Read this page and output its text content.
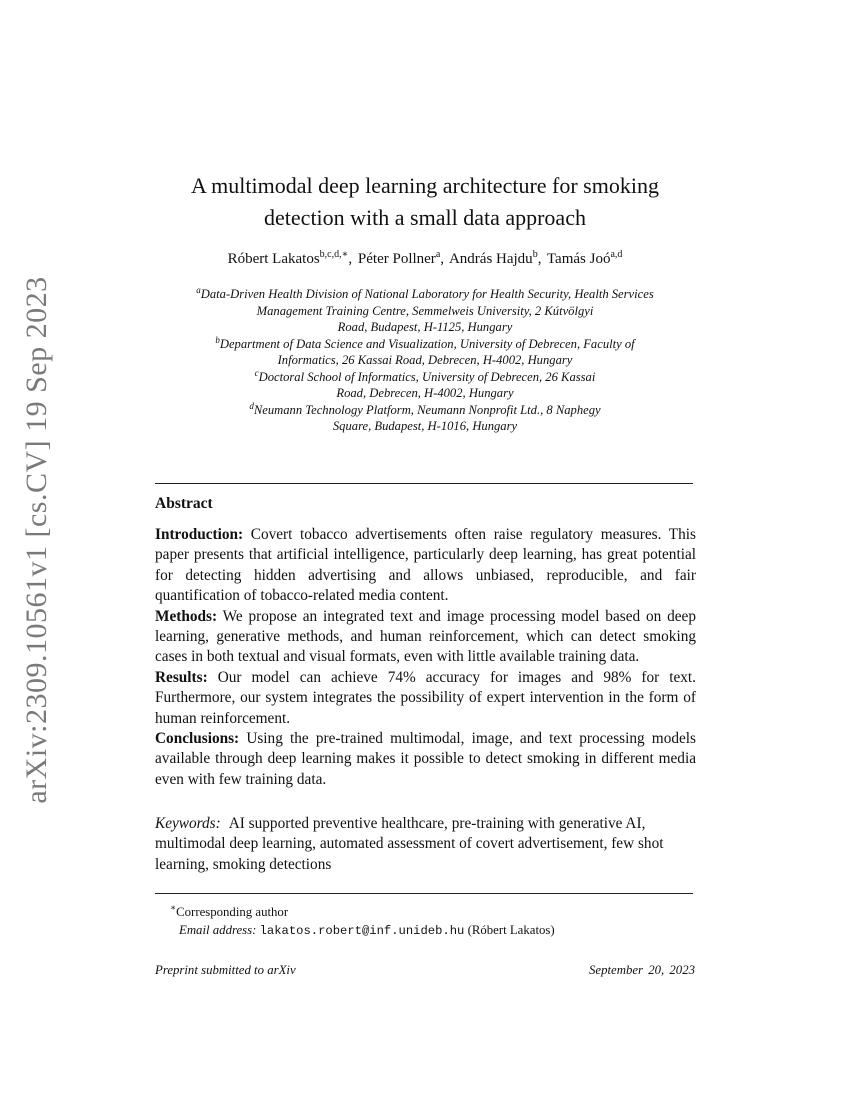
arXiv:2309.10561v1 [cs.CV] 19 Sep 2023
A multimodal deep learning architecture for smoking detection with a small data approach
Róbert Lakatos$^{b,c,d,∗}$, Péter Pollner$^a$, András Hajdu$^b$, Tamás Joó$^{a,d}$
$^a$Data-Driven Health Division of National Laboratory for Health Security, Health Services
Management Training Centre, Semmelweis University, 2 Kútvölgyi
Road, Budapest, H-1125, Hungary
$^b$Department of Data Science and Visualization, University of Debrecen, Faculty of
Informatics, 26 Kassai Road, Debrecen, H-4002, Hungary
$^c$Doctoral School of Informatics, University of Debrecen, 26 Kassai
Road, Debrecen, H-4002, Hungary
$^d$Neumann Technology Platform, Neumann Nonprofit Ltd., 8 Naphegy
Square, Budapest, H-1016, Hungary
Abstract

Introduction: Covert tobacco advertisements often raise regulatory measures. This paper presents that artificial intelligence, particularly deep learning, has great potential for detecting hidden advertising and allows unbiased, reproducible, and fair quantification of tobacco-related media content.

Methods: We propose an integrated text and image processing model based on deep learning, generative methods, and human reinforcement, which can detect smoking cases in both textual and visual formats, even with little available training data.

Results: Our model can achieve 74% accuracy for images and 98% for text. Furthermore, our system integrates the possibility of expert intervention in the form of human reinforcement.

Conclusions: Using the pre-trained multimodal, image, and text processing models available through deep learning makes it possible to detect smoking in different media even with few training data.

Keywords: AI supported preventive healthcare, pre-training with generative AI, multimodal deep learning, automated assessment of covert advertisement, few shot learning, smoking detections
∗Corresponding author
Email address: lakatos.robert@inf.unideb.hu (Róbert Lakatos)
Preprint submitted to arXiv	September 20, 2023
